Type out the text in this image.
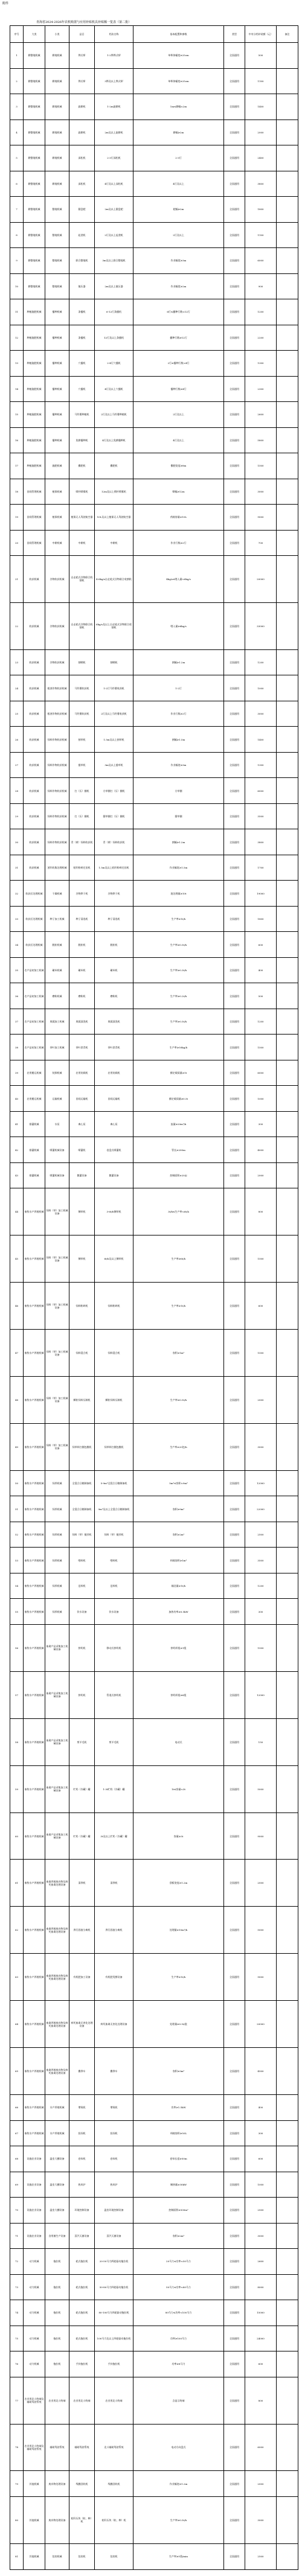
附件
青海省2024-2026年农机购置与应用补贴机具补贴额一览表（第二批）
序号	大类	小类	品目	档次名称	基本配置和参数	类型	中央分档补贴额（元）	备注
1	耕整地机械	耕地机械	铧式犁	1-2铧铧式犁	单犁体幅宽≥25cm	全国通用	500	
2	耕整地机械	耕地机械	铧式犁	3铧及以上铧式犁	单犁体幅宽≥25cm	全国通用	1100	
3	耕整地机械	耕地机械	旋耕机	1-2m旋耕机	1m≤耕幅<2m	全国通用	1400	
4	耕整地机械	耕地机械	旋耕机	2m及以上旋耕机	耕幅≥2m	全国通用	2000	
5	耕整地机械	耕地机械	深松机	2-3行深松机	2-3行	全国通用	2400	
6	耕整地机械	耕地机械	深松机	4行及以上深松机	4行及以上	全国通用	3800	
7	耕整地机械	整地机械	圆盘耙	2m及以上圆盘耙	耙幅≥2m	全国通用	1800	
8	耕整地机械	整地机械	起垄机	2行及以上起垄机	2行及以上	全国通用	1100	
9	耕整地机械	整地机械	联合整地机	3m及以上联合整地机	作业幅宽≥3m	全国通用	6000	
10	耕整地机械	整地机械	镇压器	2m及以上镇压器	作业幅宽≥2m	全国通用	900	
11	种植施肥机械	播种机械	条播机	6-12行条播机	6行≤播种行数<12行	全国通用	1200	
12	种植施肥机械	播种机械	条播机	12行及以上条播机	播种行数≥12行	全国通用	2200	
13	种植施肥机械	播种机械	穴播机	2-4行穴播机	2行≤播种行数<4行	全国通用	1300	
14	种植施肥机械	播种机械	穴播机	4行及以上穴播机	播种行数≥4行	全国通用	2300	
15	种植施肥机械	播种机械	马铃薯种植机	2行及以上马铃薯种植机	2行及以上	全国通用	2600	
16	种植施肥机械	播种机械	免耕播种机	4行及以上免耕播种机	4行及以上	全国通用	5800	
17	种植施肥机械	施肥机械	撒肥机	撒肥机	撒肥宽度≥8m	全国通用	1500	
18	田间管理机械	植保机械	喷杆喷雾机	12m及以上喷杆喷雾机	喷幅≥12m	全国通用	3000	
19	田间管理机械	植保机械	植保无人驾驶航空器	10L及以上植保无人驾驶航空器	药箱容量≥10L	全国通用	9000	
20	田间管理机械	中耕机械	中耕机	中耕机	作业行数≥2行	全国通用	700	
21	收获机械	谷物收获机械	自走轮式谷物联合收割机	4-6kg/s自走轮式谷物联合收割机	4kg/s≤喂入量<6kg/s	全国通用	20000	
22	收获机械	谷物收获机械	自走轮式谷物联合收割机	6kg/s及以上自走轮式谷物联合收割机	喂入量≥6kg/s	全国通用	33000	
23	收获机械	谷物收获机械	割晒机	割晒机	割幅≥1.2m	全国通用	1200	
24	收获机械	根茎作物收获机械	马铃薯收获机	1-2行马铃薯收获机	1-2行	全国通用	1000	
25	收获机械	根茎作物收获机械	马铃薯收获机	2行及以上马铃薯收获机	作业行数≥2行	全国通用	3000	
26	收获机械	饲料作物收获机械	割草机	1.5m及以上割草机	割幅≥1.5m	全国通用	1400	
27	收获机械	饲料作物收获机械	搂草机	3m及以上搂草机	作业幅宽≥3m	全国通用	1300	
28	收获机械	饲料作物收获机械	打（压）捆机	方草捆打（压）捆机	方草捆	全国通用	6000	
29	收获机械	饲料作物收获机械	打（压）捆机	圆草捆打（压）捆机	圆草捆	全国通用	3500	
30	收获机械	饲料作物收获机械	青（黄）饲料收获机	青（黄）饲料收获机	割幅≥1.2m	全国通用	3800	
31	收获机械	茎秆收集处理机械	秸秆粉碎还田机	1.5m及以上秸秆粉碎还田机	作业幅宽≥1.5m	全国通用	1700	
32	收获后处理机械	干燥机械	谷物烘干机	谷物烘干机	批处理量≥10t	全国通用	19000	
33	收获后处理机械	种子加工机械	种子清选机	种子清选机	生产率≥1t/h	全国通用	1800	
34	收获后处理机械	脱粒机械	脱粒机	脱粒机	生产率≥0.5t/h	全国通用	600	
35	农产品初加工机械	碾米机械	碾米机	碾米机	生产率≥0.3t/h	全国通用	400	
36	农产品初加工机械	磨粉机械	磨粉机	磨粉机	生产率≥0.2t/h	全国通用	500	
37	农产品初加工机械	果蔬加工机械	果蔬清洗机	果蔬清洗机	生产率≥0.5t/h	全国通用	1200	
38	农产品初加工机械	茶叶加工机械	茶叶杀青机	茶叶杀青机	生产率≥50kg/h	全国通用	1500	
39	农用搬运机械	装卸机械	农用装载机	农用装载机	额定载质量≥1t	全国通用	6000	
40	农用搬运机械	运输机械	田间运输机	田间运输机	额定载质量≥0.5t	全国通用	1000	
41	排灌机械	水泵	离心泵	离心泵	流量≥20m³/h	全国通用	300	
42	排灌机械	喷灌机械设备	喷灌机	卷盘式喷灌机	管长≥200m	全国通用	4000	
43	排灌机械	喷灌机械设备	微灌设备	微灌设备	控制面积≥20亩	全国通用	2000	
44	畜牧水产养殖机械	饲料（草）加工机械设备	铡草机	3-6t/h铡草机	3t/h≤生产率<6t/h	全国通用	800	
45	畜牧水产养殖机械	饲料（草）加工机械设备	铡草机	6t/h及以上铡草机	生产率≥6t/h	全国通用	1500	
46	畜牧水产养殖机械	饲料（草）加工机械设备	饲料粉碎机	饲料粉碎机	生产率≥1t/h	全国通用	600	
47	畜牧水产养殖机械	饲料（草）加工机械设备	饲料混合机	饲料混合机	容积≥1m³	全国通用	1500	
48	畜牧水产养殖机械	饲料（草）加工机械设备	颗粒饲料压制机	颗粒饲料压制机	生产率≥0.5t/h	全国通用	2000	
49	畜牧水产养殖机械	饲料（草）加工机械设备	饲草料打捆包膜机	饲草料打捆包膜机	生产率≥20包/h	全国通用	3000	
50	畜牧水产养殖机械	饲养机械	全混合日粮制备机	5-9m³全混合日粮制备机	5m³≤容积<9m³	全国通用	12000	
51	畜牧水产养殖机械	饲养机械	全混合日粮制备机	9m³及以上全混合日粮制备机	容积≥9m³	全国通用	22000	
52	畜牧水产养殖机械	饲养机械	饲料（草）搅拌机	饲料（草）搅拌机	容积≥2m³	全国通用	2500	
53	畜牧水产养殖机械	饲养机械	喂料机	喂料机	料箱容积≥1m³	全国通用	3500	
54	畜牧水产养殖机械	饲养机械	送料机	送料机	输送量≥1t/h	全国通用	1200	
55	畜牧水产养殖机械	饲养机械	饮水设备	饮水设备	加热功率≥0.5kW	全国通用	300	
56	畜牧水产养殖机械	畜禽产品采集加工机械设备	挤奶机	移动式挤奶机	挤奶杯组≥1组	全国通用	1500	
57	畜牧水产养殖机械	畜禽产品采集加工机械设备	挤奶机	管道式挤奶机	挤奶杯组≥6组	全国通用	12000	
58	畜牧水产养殖机械	畜禽产品采集加工机械设备	剪羊毛机	剪羊毛机	电动式	全国通用	150	
59	畜牧水产养殖机械	畜禽产品采集加工机械设备	贮奶（冷藏）罐	1-3t贮奶（冷藏）罐	1t≤容量<3t	全国通用	5000	
60	畜牧水产养殖机械	畜禽产品采集加工机械设备	贮奶（冷藏）罐	3t及以上贮奶（冷藏）罐	容量≥3t	全国通用	9000	
61	畜牧水产养殖机械	畜禽养殖废弃物及病死畜禽处理设备	清粪机	清粪机	刮板宽度≥1.2m	全国通用	2000	
62	畜牧水产养殖机械	畜禽养殖废弃物及病死畜禽处理设备	粪污固液分离机	粪污固液分离机	处理量≥10m³/h	全国通用	5000	
63	畜牧水产养殖机械	畜禽养殖废弃物及病死畜禽处理设备	有机肥加工设备	有机肥发酵设备	生产率≥1t/h	全国通用	9000	
64	畜牧水产养殖机械	畜禽养殖废弃物及病死畜禽处理设备	病死畜禽无害化处理设备	病死畜禽无害化处理设备	处理量≥0.5t/批	全国通用	20000	
65	畜牧水产养殖机械	畜禽养殖废弃物及病死畜禽处理设备	撒粪车	撒粪车	容积≥3m³	全国通用	4500	
66	畜牧水产养殖机械	水产养殖机械	增氧机	增氧机	功率≥1.5kW	全国通用	400	
67	畜牧水产养殖机械	水产养殖机械	投饲机	投饲机	料箱容积≥50L	全国通用	300	
68	设施农业设备	温室大棚设备	卷帘机	卷帘机	卷帘长度≥50m	全国通用	600	
69	设施农业设备	温室大棚设备	热风炉	热风炉	制热量≥30kW	全国通用	1000	
70	设施农业设备	温室大棚设备	环境控制设备	温室环境控制设备	控制面积≥500m²	全国通用	2500	
71	设施农业设备	食用菌生产设备	蒸汽灭菌设备	蒸汽灭菌设备	容积≥2m³	全国通用	3000	
72	动力机械	拖拉机	轮式拖拉机	20-50马力两轮驱动拖拉机	20马力≤功率<50马力	全国通用	2600	
73	动力机械	拖拉机	轮式拖拉机	50-80马力四轮驱动拖拉机	50马力≤功率<80马力	全国通用	8000	
74	动力机械	拖拉机	轮式拖拉机	80-100马力四轮驱动拖拉机	80马力≤功率<100马力	全国通用	15000	
75	动力机械	拖拉机	轮式拖拉机	100马力及以上四轮驱动拖拉机	功率≥100马力	全国通用	24000	
76	动力机械	拖拉机	手扶拖拉机	手扶拖拉机	功率≥8马力	全国通用	600	
77	农业用北斗终端及辅助驾驶系统	农业用北斗终端	农业用北斗终端	农业用北斗终端	含显示终端	全国通用	800	
78	农业用北斗终端及辅助驾驶系统	辅助驾驶系统	辅助驾驶系统	北斗辅助驾驶系统	电动方向盘式	全国通用	6000	
79	其他机械	废弃物处理设备	残膜回收机	残膜回收机	作业幅宽≥1.2m	全国通用	2000	
80	其他机械	废弃物处理设备	秸秆压块（粒、棒）机	秸秆压块（粒、棒）机	生产率≥0.5t/h	全国通用	3000	
81	其他机械	包装机械	包装机	包装机	生产率≥5袋/min	全国通用	2500	
